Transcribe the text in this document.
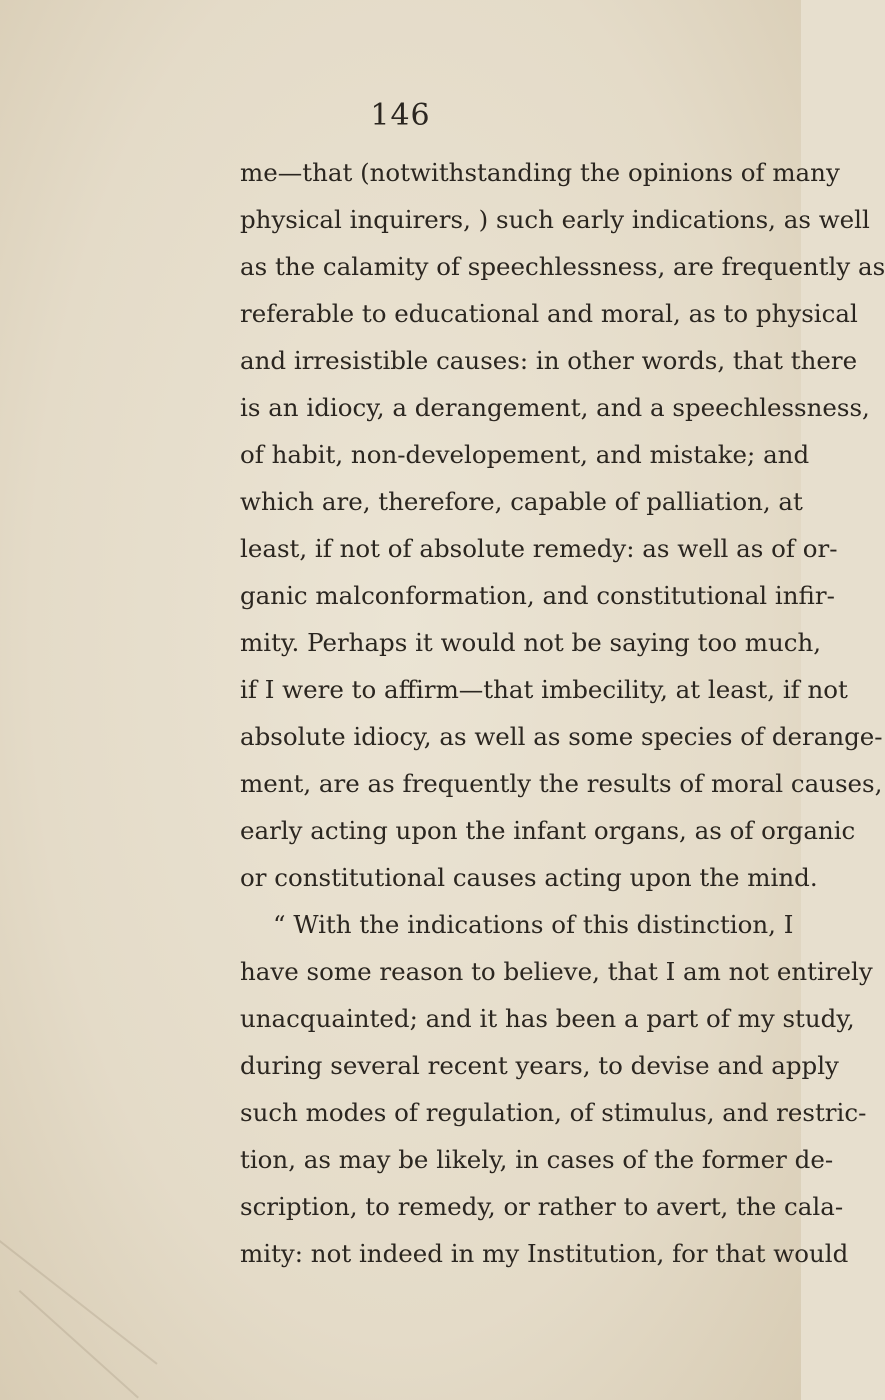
146
me—that (notwithstanding the opinions of many
physical inquirers, ) such early indications, as well
as the calamity of speechlessness, are frequently as
referable to educational and moral, as to physical
and irresistible causes: in other words, that there
is an idiocy, a derangement, and a speechlessness,
of habit, non-developement, and mistake; and
which are, therefore, capable of palliation, at
least, if not of absolute remedy: as well as of or-
ganic malconformation, and constitutional infir-
mity. Perhaps it would not be saying too much,
if I were to affirm—that imbecility, at least, if not
absolute idiocy, as well as some species of derange-
ment, are as frequently the results of moral causes,
early acting upon the infant organs, as of organic
or constitutional causes acting upon the mind.
“ With the indications of this distinction, I
have some reason to believe, that I am not entirely
unacquainted; and it has been a part of my study,
during several recent years, to devise and apply
such modes of regulation, of stimulus, and restric-
tion, as may be likely, in cases of the former de-
scription, to remedy, or rather to avert, the cala-
mity: not indeed in my Institution, for that would
